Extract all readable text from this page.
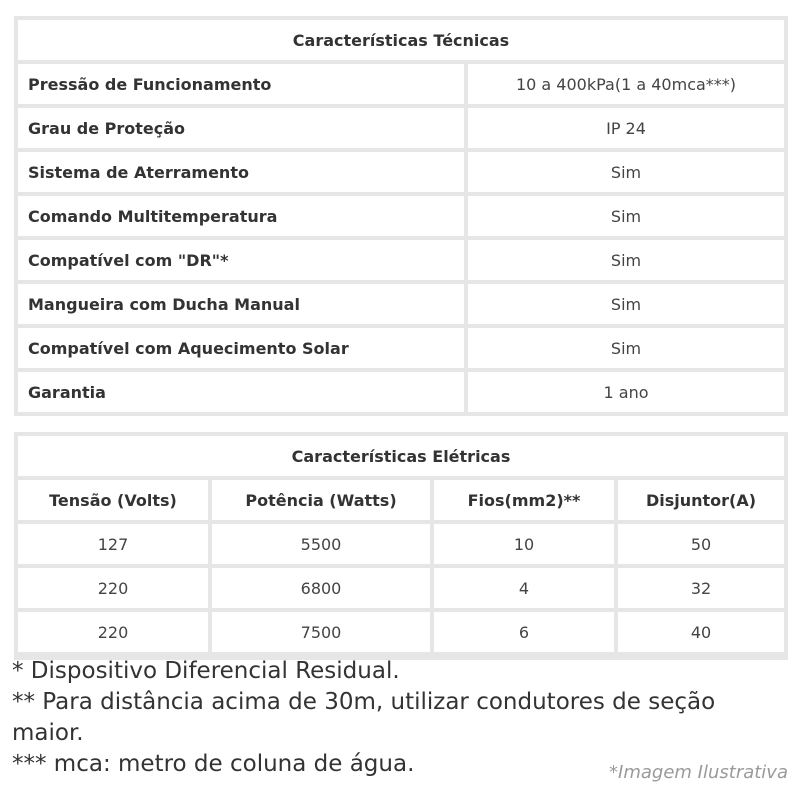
Características Técnicas
Pressão de Funcionamento	10 a 400kPa(1 a 40mca***)
Grau de Proteção	IP 24
Sistema de Aterramento	Sim
Comando Multitemperatura	Sim
Compatível com "DR"*	Sim
Mangueira com Ducha Manual	Sim
Compatível com Aquecimento Solar	Sim
Garantia	1 ano
Características Elétricas
Tensão (Volts)	Potência (Watts)	Fios(mm2)**	Disjuntor(A)
127	5500	10	50
220	6800	4	32
220	7500	6	40

* Dispositivo Diferencial Residual.

** Para distância acima de 30m, utilizar condutores de seção maior.

*** mca: metro de coluna de água.	*Imagem Ilustrativa
